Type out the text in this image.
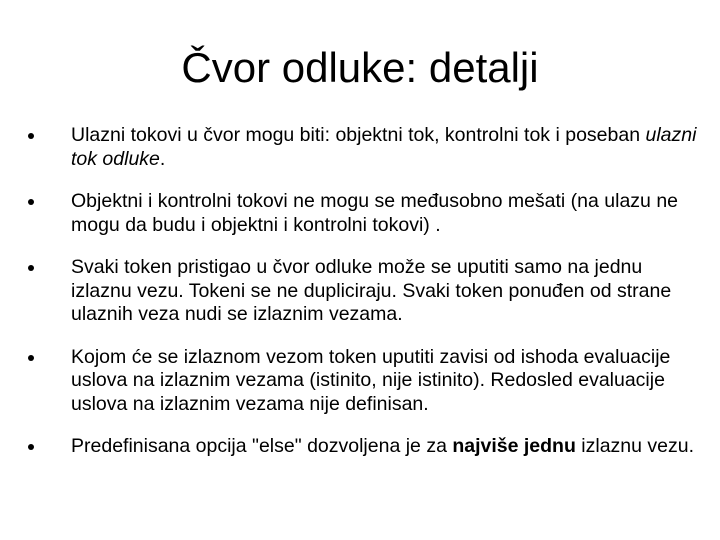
Čvor odluke: detalji
Ulazni tokovi u čvor mogu biti: objektni tok, kontrolni tok i poseban ulazni tok odluke.
Objektni i kontrolni tokovi ne mogu se međusobno mešati (na ulazu ne mogu da budu i objektni i kontrolni tokovi) .
Svaki token pristigao u čvor odluke može se uputiti samo na jednu izlaznu vezu. Tokeni se ne dupliciraju. Svaki token ponuđen od strane ulaznih veza nudi se izlaznim vezama.
Kojom će se izlaznom vezom token uputiti zavisi od ishoda evaluacije uslova na izlaznim vezama (istinito, nije istinito). Redosled evaluacije uslova na izlaznim vezama nije definisan.
Predefinisana opcija "else" dozvoljena je za najviše jednu izlaznu vezu.
